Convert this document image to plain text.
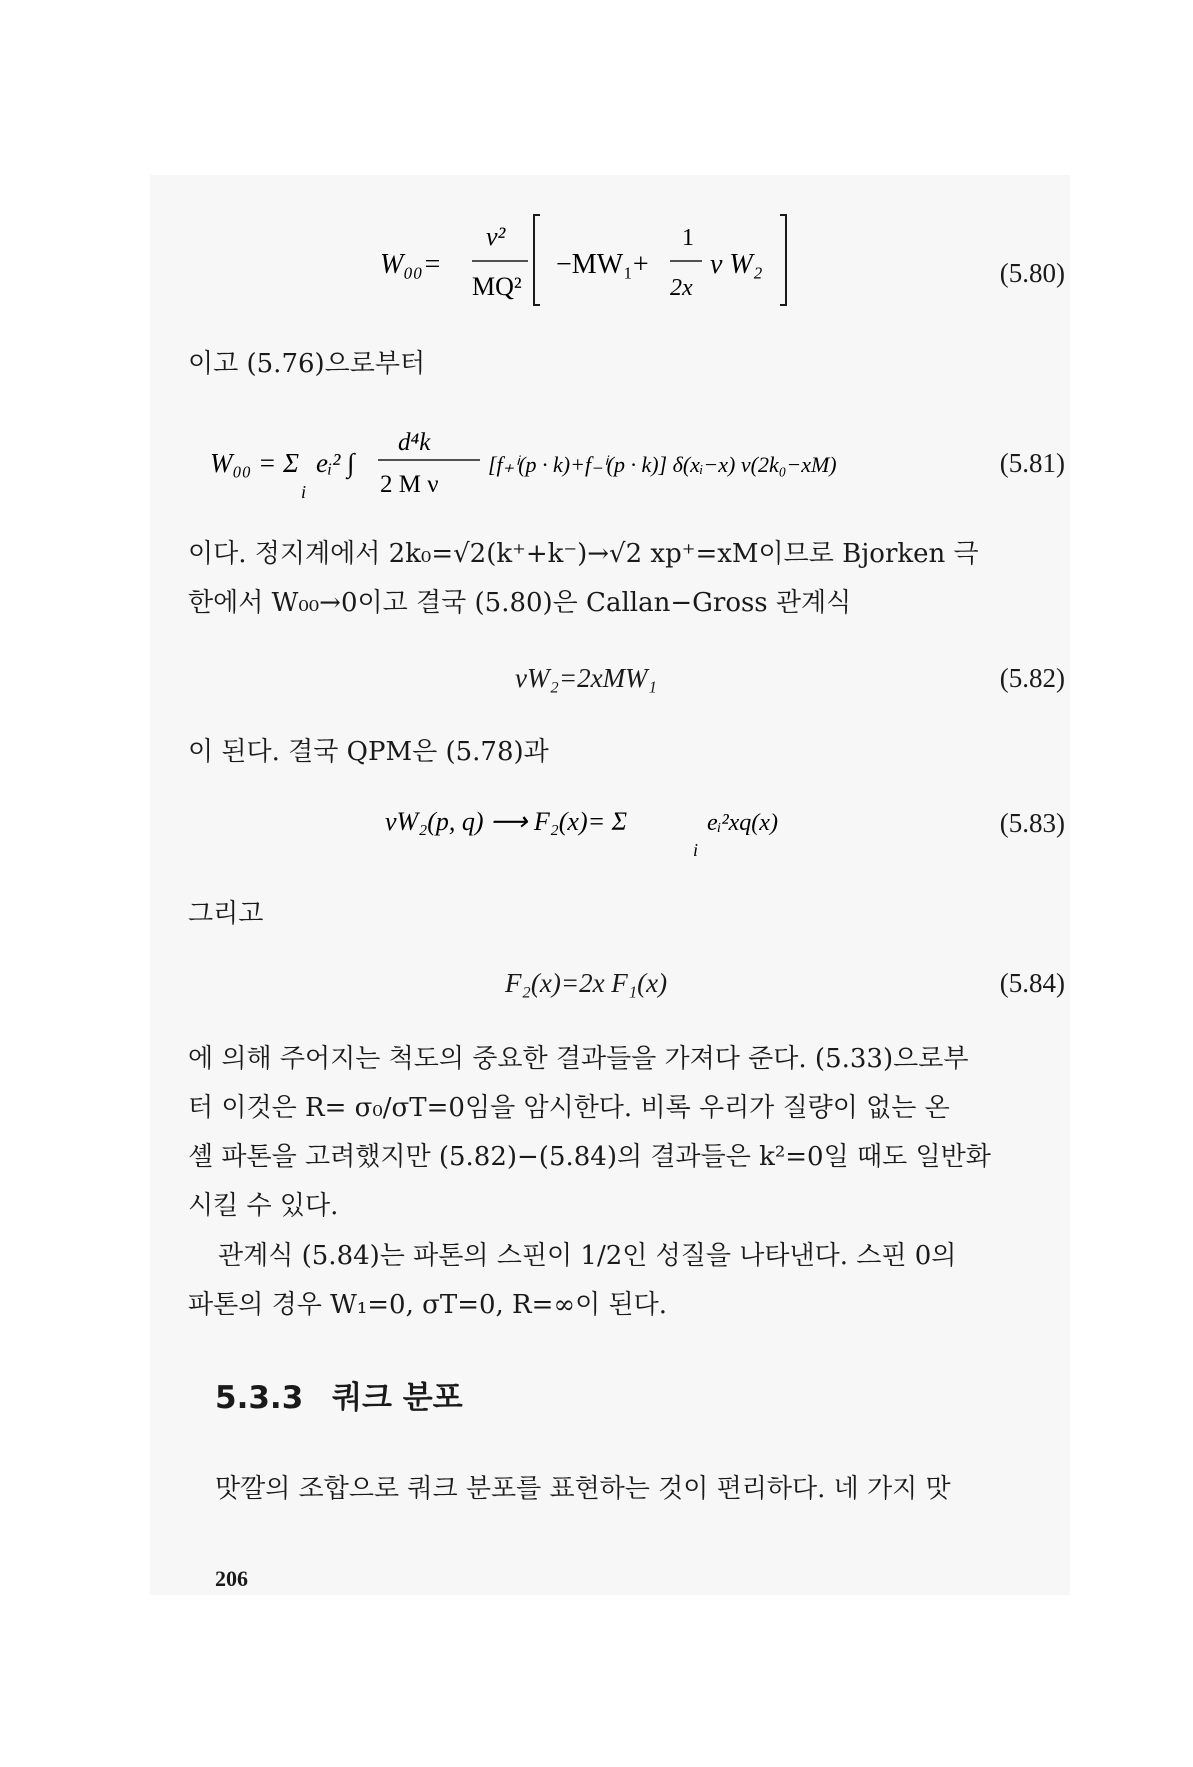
W₀₀=
ν²
MQ²
−MW₁+
1
2x
ν W₂	(5.80)
이고 (5.76)으로부터
W₀₀ = Σ
i
eᵢ² ∫
d⁴k
2 M ν
[f₊ⁱ(p · k)+f₋ⁱ(p · k)] δ(xᵢ−x) ν(2k₀−xM)	(5.81)
이다. 정지계에서 2k₀=√2(k⁺+k⁻)→√2 xp⁺=xM이므로 Bjorken 극
한에서 W₀₀→0이고 결국 (5.80)은 Callan−Gross 관계식
νW₂=2xMW₁	(5.82)
이 된다. 결국 QPM은 (5.78)과
νW₂(p, q) ⟶ F₂(x)= Σ
i
eᵢ²xq(x)	(5.83)
그리고
F₂(x)=2x F₁(x)	(5.84)
에 의해 주어지는 척도의 중요한 결과들을 가져다 준다. (5.33)으로부
터 이것은 R= σ₀/σT=0임을 암시한다. 비록 우리가 질량이 없는 온
셸 파톤을 고려했지만 (5.82)−(5.84)의 결과들은 k²=0일 때도 일반화
시킬 수 있다.
관계식 (5.84)는 파톤의 스핀이 1/2인 성질을 나타낸다. 스핀 0의
파톤의 경우 W₁=0, σT=0, R=∞이 된다.
5.3.3 쿼크 분포
맛깔의 조합으로 쿼크 분포를 표현하는 것이 편리하다. 네 가지 맛
206
